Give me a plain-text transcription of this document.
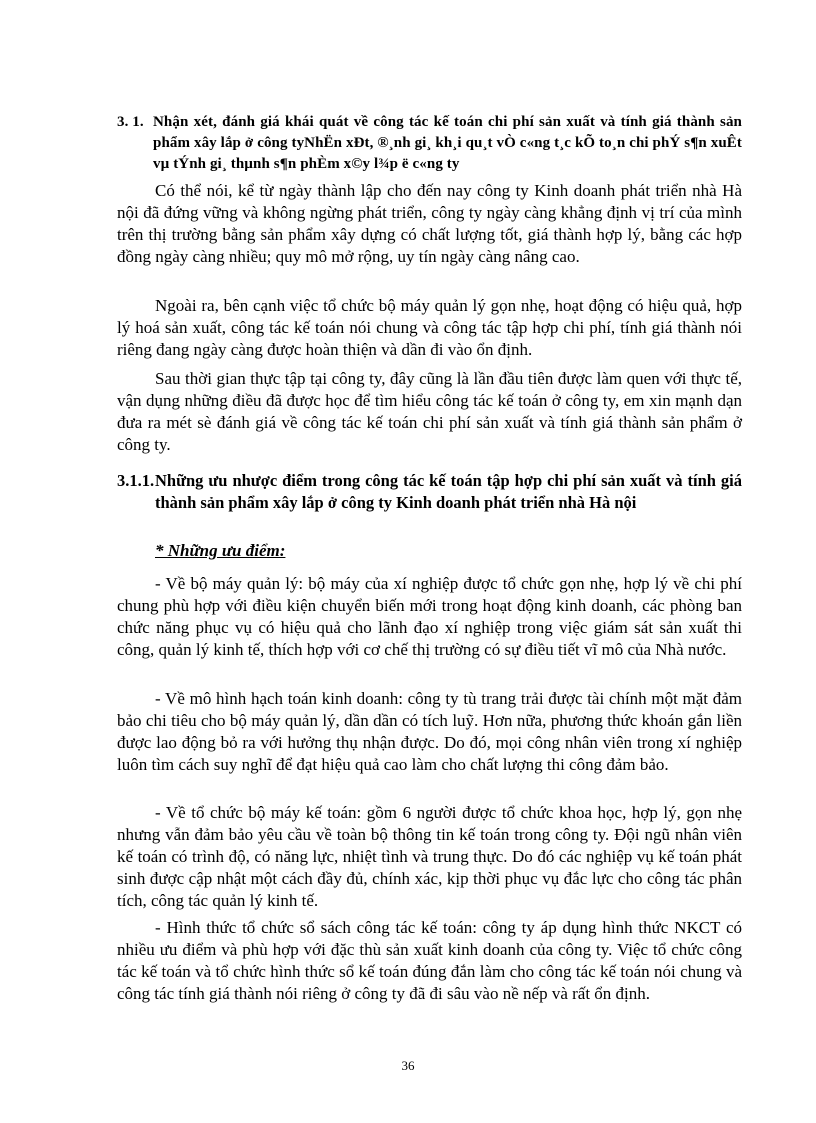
3. 1. Nhận xét, đánh giá khái quát về công tác kế toán chi phí sản xuất và tính giá thành sản phẩm xây lắp ở công tyNhËn xÐt, ®¸nh gi¸ kh¸i qu¸t vÒ c«ng t¸c kÕ to¸n chi phÝ s¶n xuÊt vµ tÝnh gi¸ thµnh s¶n phÈm x©y l¾p ë c«ng ty

Có thể nói, kể từ ngày thành lập cho đến nay công ty Kinh doanh phát triển nhà Hà nội đã đứng vững và không ngừng phát triển, công ty ngày càng khẳng định vị trí của mình trên thị trường bằng sản phẩm xây dựng có chất lượng tốt, giá thành hợp lý, bằng các hợp đồng ngày càng nhiều; quy mô mở rộng, uy tín ngày càng nâng cao.

Ngoài ra, bên cạnh việc tổ chức bộ máy quản lý gọn nhẹ, hoạt động có hiệu quả, hợp lý hoá sản xuất, công tác kế toán nói chung và công tác tập hợp chi phí, tính giá thành nói riêng đang ngày càng được hoàn thiện và dần đi vào ổn định.

Sau thời gian thực tập tại công ty, đây cũng là lần đầu tiên được làm quen với thực tế, vận dụng những điều đã được học để tìm hiểu công tác kế toán ở công ty, em xin mạnh dạn đưa ra mét sè đánh giá về công tác kế toán chi phí sản xuất và tính giá thành sản phẩm ở công ty.

3.1.1. Những ưu nhược điểm trong công tác kế toán tập hợp chi phí sản xuất và tính giá thành sản phẩm xây lắp ở công ty Kinh doanh phát triển nhà Hà nội
* Những ưu điểm:

- Về bộ máy quản lý: bộ máy của xí nghiệp được tổ chức gọn nhẹ, hợp lý về chi phí chung phù hợp với điều kiện chuyển biến mới trong hoạt động kinh doanh, các phòng ban chức năng phục vụ có hiệu quả cho lãnh đạo xí nghiệp trong việc giám sát sản xuất thi công, quản lý kinh tế, thích hợp với cơ chế thị trường có sự điều tiết vĩ mô của Nhà nước.

- Về mô hình hạch toán kinh doanh: công ty tù trang trải được tài chính một mặt đảm bảo chi tiêu cho bộ máy quản lý, dần dần có tích luỹ. Hơn nữa, phương thức khoán gắn liền được lao động bỏ ra với hưởng thụ nhận được. Do đó, mọi công nhân viên trong xí nghiệp luôn tìm cách suy nghĩ để đạt hiệu quả cao làm cho chất lượng thi công đảm bảo.

- Về tổ chức bộ máy kế toán: gồm 6 người được tổ chức khoa học, hợp lý, gọn nhẹ nhưng vẫn đảm bảo yêu cầu về toàn bộ thông tin kế toán trong công ty. Đội ngũ nhân viên kế toán có trình độ, có năng lực, nhiệt tình và trung thực. Do đó các nghiệp vụ kế toán phát sinh được cập nhật một cách đầy đủ, chính xác, kịp thời phục vụ đắc lực cho công tác phân tích, công tác quản lý kinh tế.

- Hình thức tổ chức sổ sách công tác kế toán: công ty áp dụng hình thức NKCT có nhiều ưu điểm và phù hợp với đặc thù sản xuất kinh doanh của công ty. Việc tổ chức công tác kế toán và tổ chức hình thức sổ kế toán đúng đắn làm cho công tác kế toán nói chung và công tác tính giá thành nói riêng ở công ty đã đi sâu vào nề nếp và rất ổn định.

36
